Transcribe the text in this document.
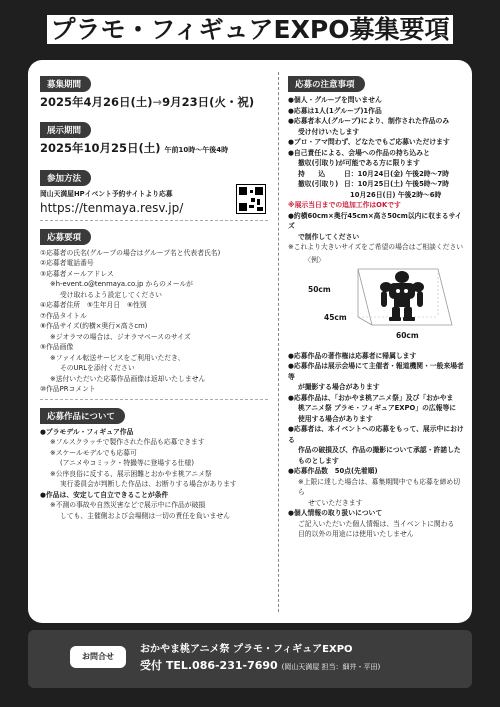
プラモ・フィギュアEXPO募集要項
募集期間
2025年4月26日(土)→9月23日(火・祝)
展示期間
2025年10月25日(土) 午前10時～午後4時
参加方法
岡山天満屋HPイベント予約サイトより応募
https://tenmaya.resv.jp/
応募要項
①応募者の氏名(グループの場合はグループ名と代表者氏名)
②応募者電話番号
③応募者メールアドレス
※h-event.o@tenmaya.co.jp からのメールが
受け取れるよう設定してください
④応募者住所　⑤生年月日　⑥性別
⑦作品タイトル
⑧作品サイズ(約横×奥行×高さcm)
※ジオラマの場合は、ジオラマベースのサイズ
⑨作品画像
※ファイル転送サービスをご利用いただき、
そのURLを添付ください
※送付いただいた応募作品画像は返却いたしません
⑩作品PRコメント
応募作品について
●プラモデル・フィギュア作品
※フルスクラッチで製作された作品も応募できます
※スケールモデルでも応募可
(アニメやコミック・特撮等に登場する仕様)
※公序良俗に反する、展示困難とおかやま桃アニメ祭
実行委員会が判断した作品は、お断りする場合があります
●作品は、安定して自立できることが条件
※不測の事故や自然災害などで展示中に作品が破損
しても、主催側および会場側は一切の責任を負いません
応募の注意事項
●個人・グループを問いません
●応募は1人(1グループ)1作品
●応募者本人(グループ)により、制作された作品のみ
受け付けいたします
●プロ・アマ問わず、どなたでもご応募いただけます
●自己責任による、会場への作品の持ち込みと
撤収(引取り)が可能である方に限ります
持　　込	日：10月24日(金) 午後2時～7時
撤収(引取り) 日：10月25日(土) 午後5時～7時
10月26日(日) 午後2時～6時
※展示当日までの追加工作はOKです
●約横60cm×奥行45cm×高さ50cm以内に収まるサイズ
で制作してください
※これより大きいサイズをご希望の場合はご相談ください
〈例〉
50cm
45cm
60cm
●応募作品の著作権は応募者に帰属します
●応募作品は展示会場にて主催者・報道機関・一般来場者等
が撮影する場合があります
●応募作品は、「おかやま桃アニメ祭」及び「おかやま
桃アニメ祭 プラモ・フィギュアEXPO」の広報等に
使用する場合があります
●応募者は、本イベントへの応募をもって、展示中における
作品の破損及び、作品の撮影について承認・許諾した
ものとします
●応募作品数　50点(先着順)
※上限に達した場合は、募集期間中でも応募を締め切ら
せていただきます
●個人情報の取り扱いについて
ご記入いただいた個人情報は、当イベントに関わる
目的以外の用途には使用いたしません
お問合せ
おかやま桃アニメ祭 プラモ・フィギュアEXPO
受付 TEL.086-231-7690 (岡山天満屋 担当：細井・平田)
